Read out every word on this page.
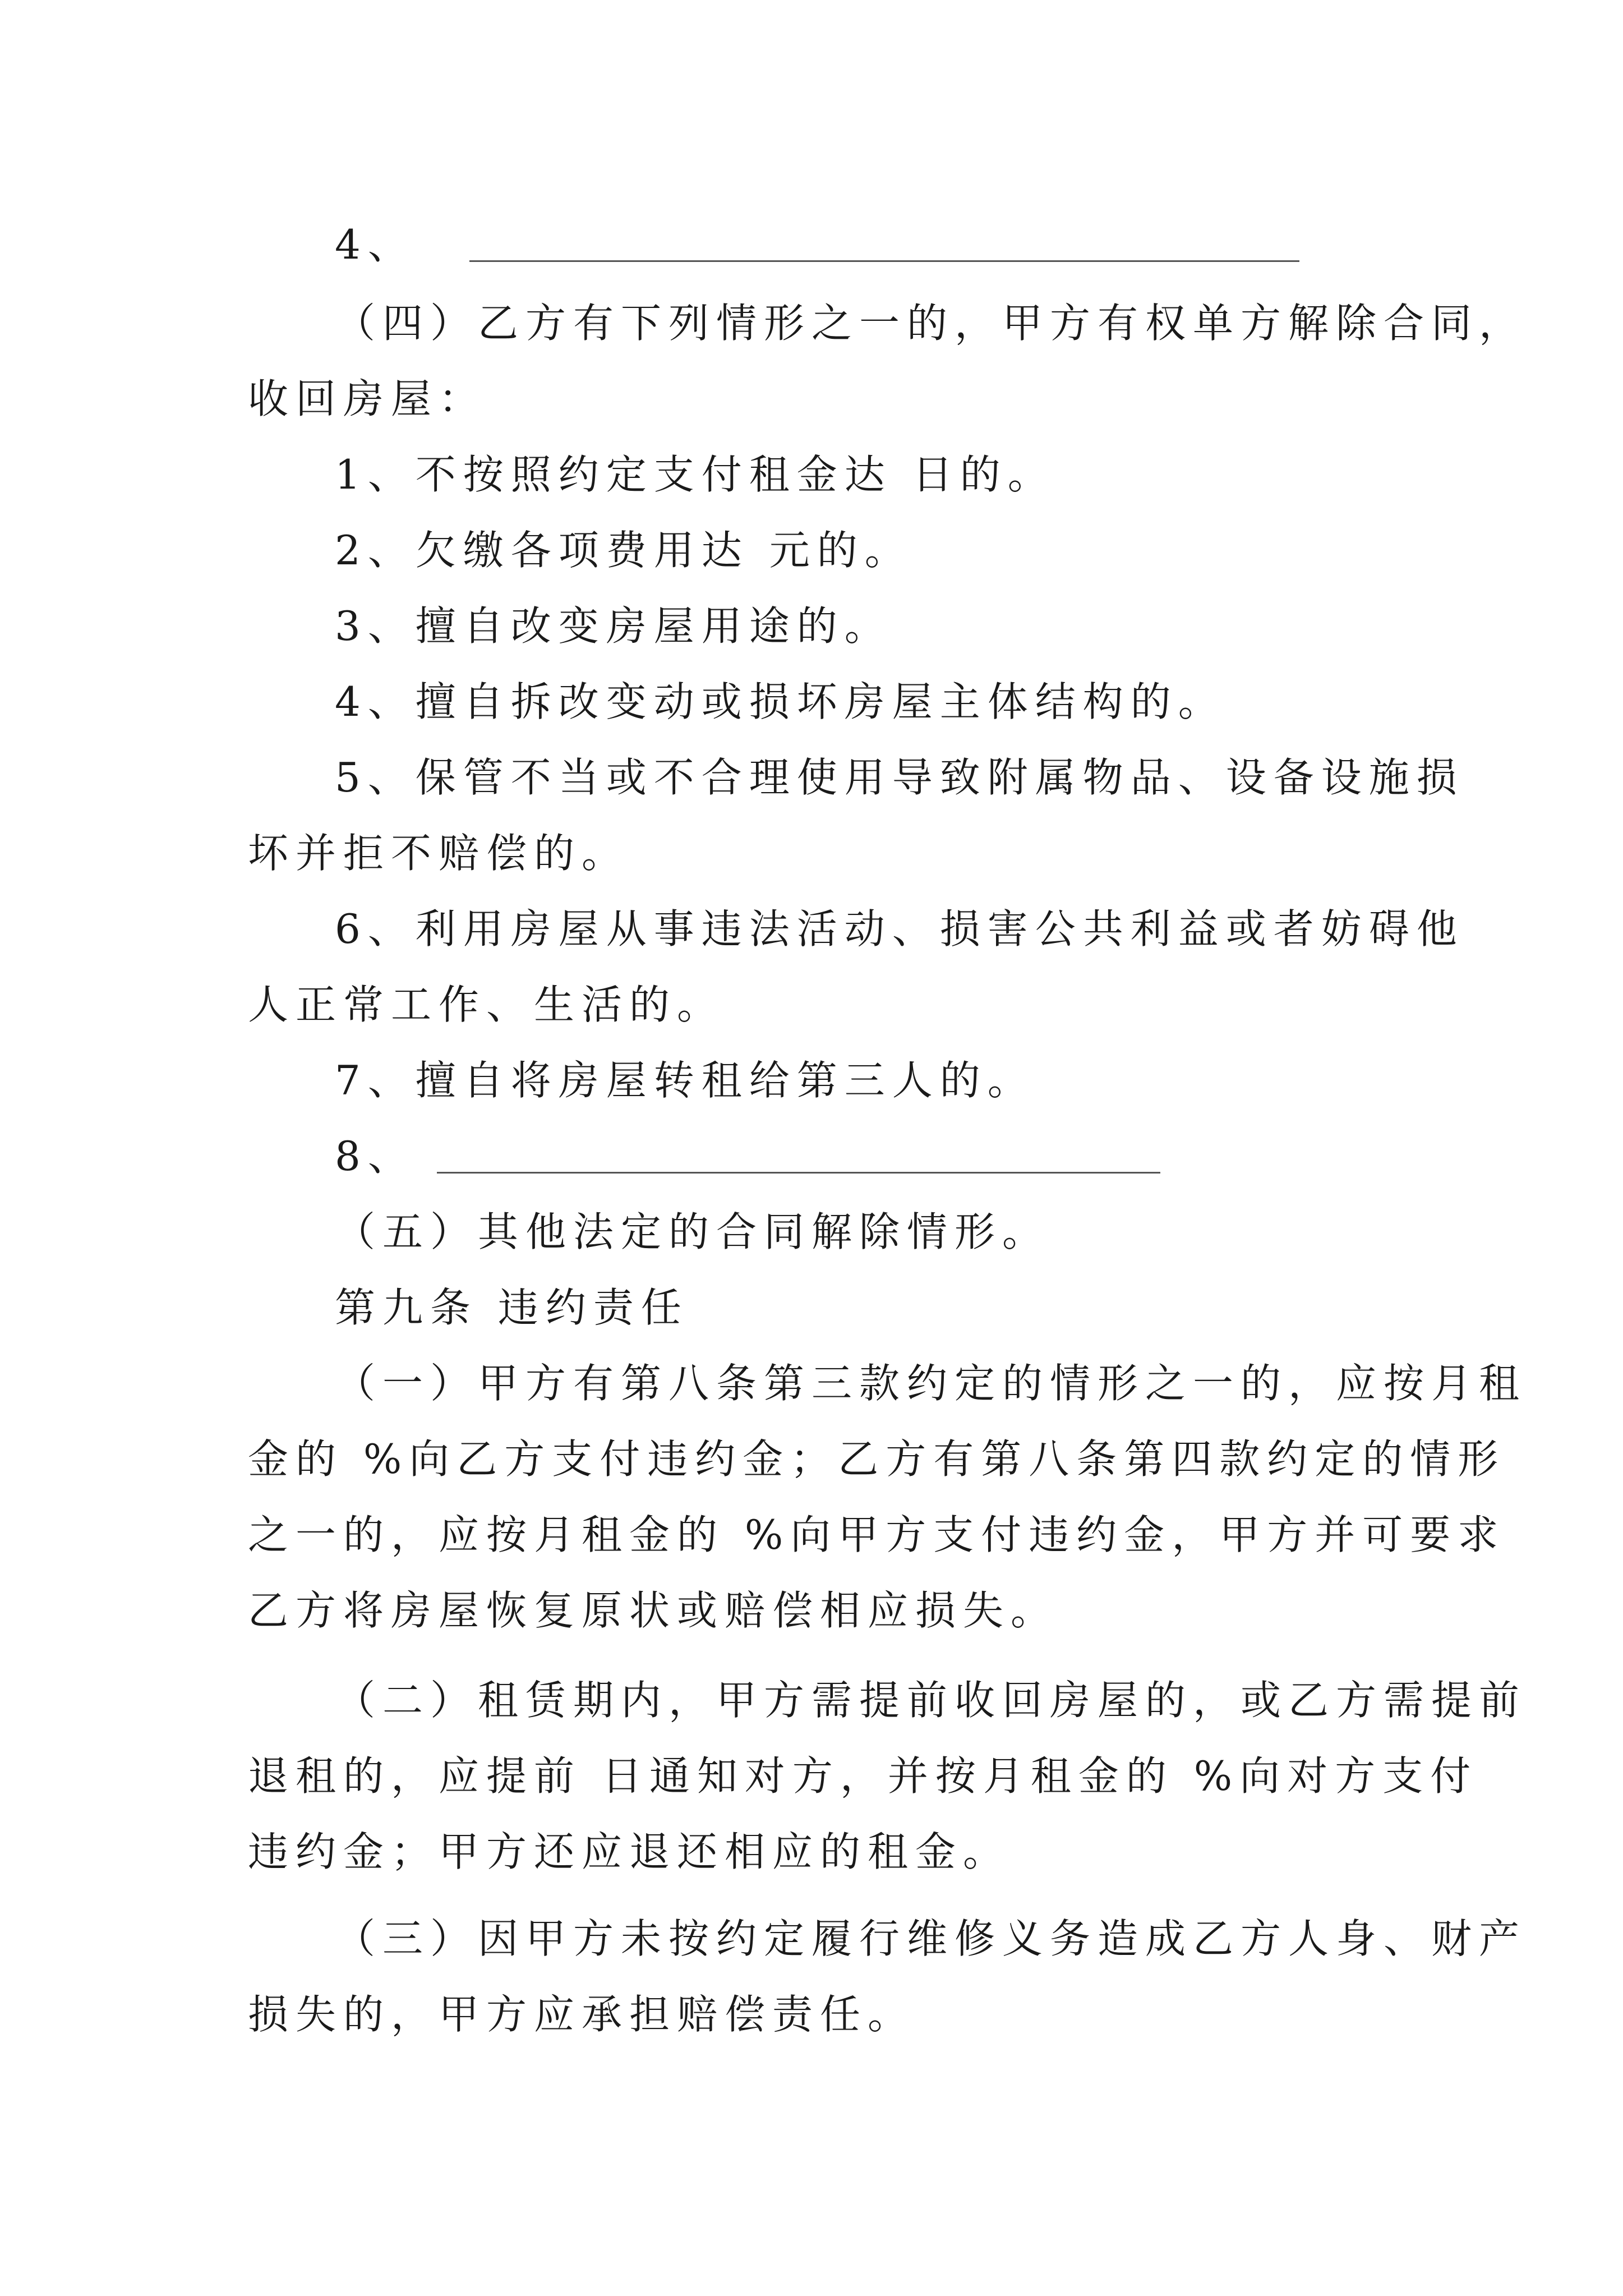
4、
（四）乙方有下列情形之一的，甲方有权单方解除合同，
收回房屋：
1、不按照约定支付租金达 日的。
2、欠缴各项费用达 元的。
3、擅自改变房屋用途的。
4、擅自拆改变动或损坏房屋主体结构的。
5、保管不当或不合理使用导致附属物品、设备设施损
坏并拒不赔偿的。
6、利用房屋从事违法活动、损害公共利益或者妨碍他
人正常工作、生活的。
7、擅自将房屋转租给第三人的。
8、
（五）其他法定的合同解除情形。
第九条 违约责任
（一）甲方有第八条第三款约定的情形之一的，应按月租
金的 %向乙方支付违约金；乙方有第八条第四款约定的情形
之一的，应按月租金的 %向甲方支付违约金，甲方并可要求
乙方将房屋恢复原状或赔偿相应损失。
（二）租赁期内，甲方需提前收回房屋的，或乙方需提前
退租的，应提前 日通知对方，并按月租金的 %向对方支付
违约金；甲方还应退还相应的租金。
（三）因甲方未按约定履行维修义务造成乙方人身、财产
损失的，甲方应承担赔偿责任。
